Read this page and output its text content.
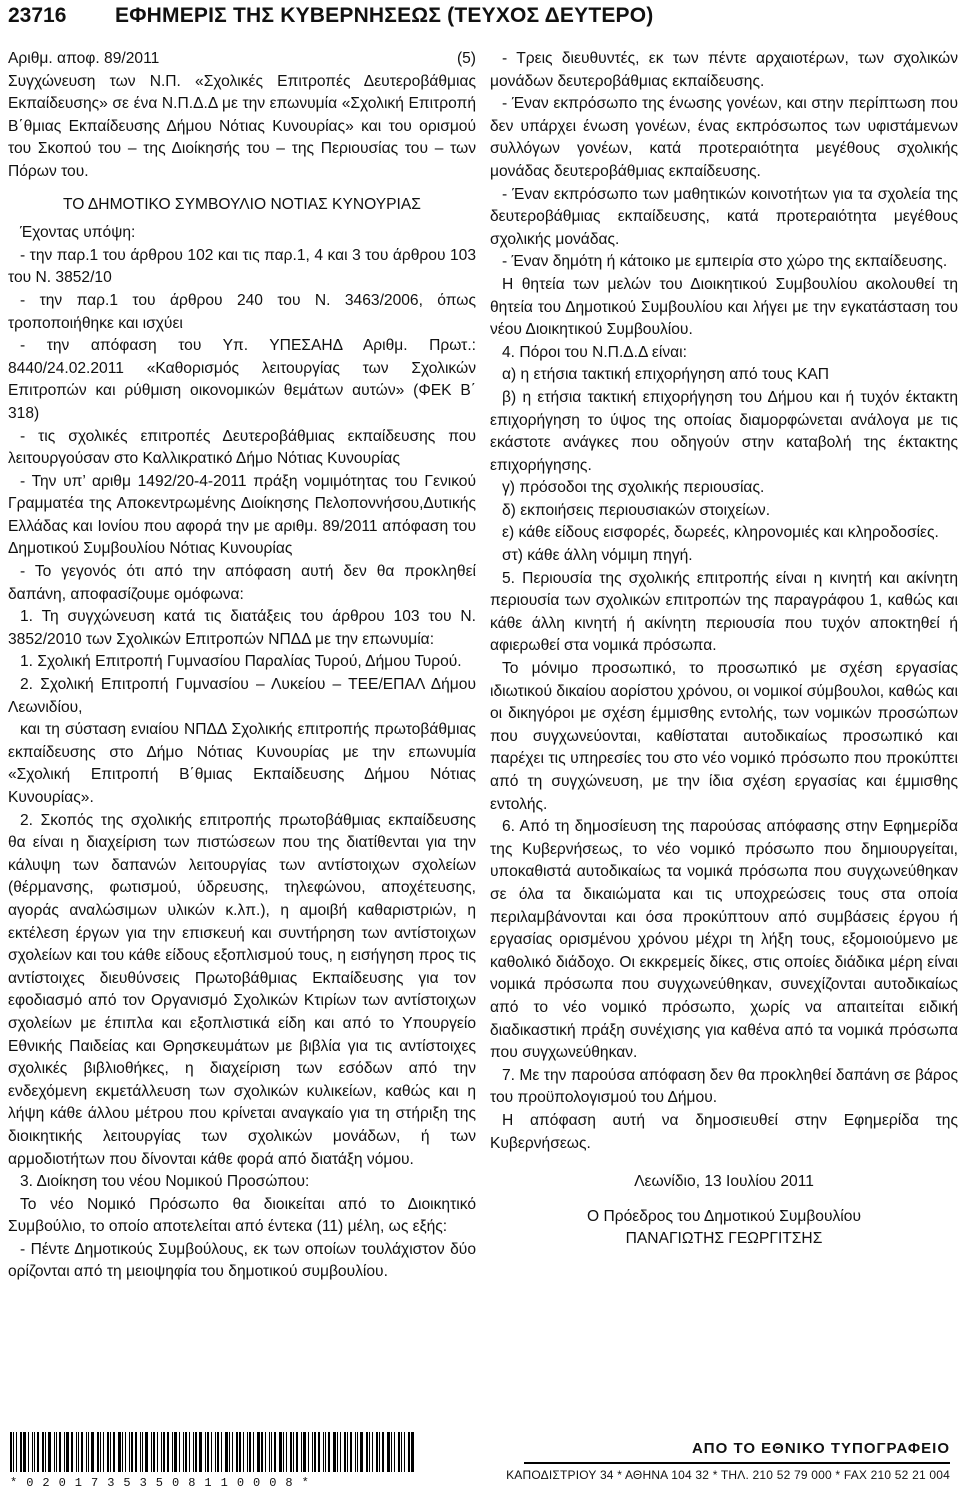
23716 ΕΦΗΜΕΡΙΣ ΤΗΣ ΚΥΒΕΡΝΗΣΕΩΣ (ΤΕΥΧΟΣ ΔΕΥΤΕΡΟ)
Αριθμ. αποφ. 89/2011	(5)

Συγχώνευση των Ν.Π. «Σχολικές Επιτροπές Δευτεροβάθμιας Εκπαίδευσης» σε ένα Ν.Π.Δ.Δ με την επωνυμία «Σχολική Επιτροπή Β΄θμιας Εκπαίδευσης Δήμου Νότιας Κυνουρίας» και του ορισμού του Σκοπού του – της Διοίκησής του – της Περιουσίας του – των Πόρων του.

ΤΟ ΔΗΜΟΤΙΚΟ ΣΥΜΒΟΥΛΙΟ ΝΟΤΙΑΣ ΚΥΝΟΥΡΙΑΣ

Έχοντας υπόψη:

- την παρ.1 του άρθρου 102 και τις παρ.1, 4 και 3 του άρθρου 103 του Ν. 3852/10

- την παρ.1 του άρθρου 240 του Ν. 3463/2006, όπως τροποποιήθηκε και ισχύει

- την απόφαση του Υπ. ΥΠΕΣΑΗΔ Αριθμ. Πρωτ.: 8440/24.02.2011 «Καθορισμός λειτουργίας των Σχολικών Επιτροπών και ρύθμιση οικονομικών θεμάτων αυτών» (ΦΕΚ Β΄ 318)

- τις σχολικές επιτροπές Δευτεροβάθμιας εκπαίδευσης που λειτουργούσαν στο Καλλικρατικό Δήμο Νότιας Κυνουρίας

- Την υπ’ αριθμ 1492/20-4-2011 πράξη νομιμότητας του Γενικού Γραμματέα της Αποκεντρωμένης Διοίκησης Πελοποννήσου,Δυτικής Ελλάδας και Ιονίου που αφορά την με αριθμ. 89/2011 απόφαση του Δημοτικού Συμβουλίου Νότιας Κυνουρίας

- Το γεγονός ότι από την απόφαση αυτή δεν θα προκληθεί δαπάνη, αποφασίζουμε ομόφωνα:

1. Τη συγχώνευση κατά τις διατάξεις του άρθρου 103 του Ν. 3852/2010 των Σχολικών Επιτροπών ΝΠΔΔ με την επωνυμία:

1. Σχολική Επιτροπή Γυμνασίου Παραλίας Τυρού, Δήμου Τυρού.

2. Σχολική Επιτροπή Γυμνασίου – Λυκείου – ΤΕΕ/ΕΠΑΛ Δήμου Λεωνιδίου,

και τη σύσταση ενιαίου ΝΠΔΔ Σχολικής επιτροπής πρωτοβάθμιας εκπαίδευσης στο Δήμο Νότιας Κυνουρίας με την επωνυμία «Σχολική Επιτροπή Β΄θμιας Εκπαίδευσης Δήμου Νότιας Κυνουρίας».

2. Σκοπός της σχολικής επιτροπής πρωτοβάθμιας εκπαίδευσης θα είναι η διαχείριση των πιστώσεων που της διατίθενται για την κάλυψη των δαπανών λειτουργίας των αντίστοιχων σχολείων (θέρμανσης, φωτισμού, ύδρευσης, τηλεφώνου, αποχέτευσης, αγοράς αναλώσιμων υλικών κ.λπ.), η αμοιβή καθαριστριών, η εκτέλεση έργων για την επισκευή και συντήρηση των αντίστοιχων σχολείων και του κάθε είδους εξοπλισμού τους, η εισήγηση προς τις αντίστοιχες διευθύνσεις Πρωτοβάθμιας Εκπαίδευσης για τον εφοδιασμό από τον Οργανισμό Σχολικών Κτιρίων των αντίστοιχων σχολείων με έπιπλα και εξοπλιστικά είδη και από το Υπουργείο Εθνικής Παιδείας και Θρησκευμάτων με βιβλία για τις αντίστοιχες σχολικές βιβλιοθήκες, η διαχείριση των εσόδων από την ενδεχόμενη εκμετάλλευση των σχολικών κυλικείων, καθώς και η λήψη κάθε άλλου μέτρου που κρίνεται αναγκαίο για τη στήριξη της διοικητικής λειτουργίας των σχολικών μονάδων, ή των αρμοδιοτήτων που δίνονται κάθε φορά από διατάξη νόμου.

3. Διοίκηση του νέου Νομικού Προσώπου:

Το νέο Νομικό Πρόσωπο θα διοικείται από το Διοικητικό Συμβούλιο, το οποίο αποτελείται από έντεκα (11) μέλη, ως εξής:

- Πέντε Δημοτικούς Συμβούλους, εκ των οποίων τουλάχιστον δύο ορίζονται από τη μειοψηφία του δημοτικού συμβουλίου.

- Τρεις διευθυντές, εκ των πέντε αρχαιοτέρων, των σχολικών μονάδων δευτεροβάθμιας εκπαίδευσης.

- Έναν εκπρόσωπο της ένωσης γονέων, και στην περίπτωση που δεν υπάρχει ένωση γονέων, ένας εκπρόσωπος των υφιστάμενων συλλόγων γονέων, κατά προτεραιότητα μεγέθους σχολικής μονάδας δευτεροβάθμιας εκπαίδευσης.

- Έναν εκπρόσωπο των μαθητικών κοινοτήτων για τα σχολεία της δευτεροβάθμιας εκπαίδευσης, κατά προτεραιότητα μεγέθους σχολικής μονάδας.

- Έναν δημότη ή κάτοικο με εμπειρία στο χώρο της εκπαίδευσης.

Η θητεία των μελών του Διοικητικού Συμβουλίου ακολουθεί τη θητεία του Δημοτικού Συμβουλίου και λήγει με την εγκατάσταση του νέου Διοικητικού Συμβουλίου.

4. Πόροι του Ν.Π.Δ.Δ είναι:

α) η ετήσια τακτική επιχορήγηση από τους ΚΑΠ

β) η ετήσια τακτική επιχορήγηση του Δήμου και ή τυχόν έκτακτη επιχορήγηση το ύψος της οποίας διαμορφώνεται ανάλογα με τις εκάστοτε ανάγκες που οδηγούν στην καταβολή της έκτακτης επιχορήγησης.

γ) πρόσοδοι της σχολικής περιουσίας.

δ) εκποιήσεις περιουσιακών στοιχείων.

ε) κάθε είδους εισφορές, δωρεές, κληρονομιές και κληροδοσίες.

στ) κάθε άλλη νόμιμη πηγή.

5. Περιουσία της σχολικής επιτροπής είναι η κινητή και ακίνητη περιουσία των σχολικών επιτροπών της παραγράφου 1, καθώς και κάθε άλλη κινητή ή ακίνητη περιουσία που τυχόν αποκτηθεί ή αφιερωθεί στα νομικά πρόσωπα.

Το μόνιμο προσωπικό, το προσωπικό με σχέση εργασίας ιδιωτικού δικαίου αορίστου χρόνου, οι νομικοί σύμβουλοι, καθώς και οι δικηγόροι με σχέση έμμισθης εντολής, των νομικών προσώπων που συγχωνεύονται, καθίσταται αυτοδικαίως προσωπικό και παρέχει τις υπηρεσίες του στο νέο νομικό πρόσωπο που προκύπτει από τη συγχώνευση, με την ίδια σχέση εργασίας και έμμισθης εντολής.

6. Από τη δημοσίευση της παρούσας απόφασης στην Εφημερίδα της Κυβερνήσεως, το νέο νομικό πρόσωπο που δημιουργείται, υποκαθιστά αυτοδικαίως τα νομικά πρόσωπα που συγχωνεύθηκαν σε όλα τα δικαιώματα και τις υποχρεώσεις τους στα οποία περιλαμβάνονται και όσα προκύπτουν από συμβάσεις έργου ή εργασίας ορισμένου χρόνου μέχρι τη λήξη τους, εξομοιούμενο με καθολικό διάδοχο. Οι εκκρεμείς δίκες, στις οποίες διάδικα μέρη είναι νομικά πρόσωπα που συγχωνεύθηκαν, συνεχίζονται αυτοδικαίως από το νέο νομικό πρόσωπο, χωρίς να απαιτείται ειδική διαδικαστική πράξη συνέχισης για καθένα από τα νομικά πρόσωπα που συγχωνεύθηκαν.

7. Με την παρούσα απόφαση δεν θα προκληθεί δαπάνη σε βάρος του προϋπολογισμού του Δήμου.

Η απόφαση αυτή να δημοσιευθεί στην Εφημερίδα της Κυβερνήσεως.

Λεωνίδιο, 13 Ιουλίου 2011

Ο Πρόεδρος του Δημοτικού Συμβουλίου

ΠΑΝΑΓΙΩΤΗΣ ΓΕΩΡΓΙΤΣΗΣ

*02017353508110008*
ΑΠΟ ΤΟ ΕΘΝΙΚΟ ΤΥΠΟΓΡΑΦΕΙΟ
ΚΑΠΟΔΙΣΤΡΙΟΥ 34 * ΑΘΗΝΑ 104 32 * ΤΗΛ. 210 52 79 000 * FAX 210 52 21 004
